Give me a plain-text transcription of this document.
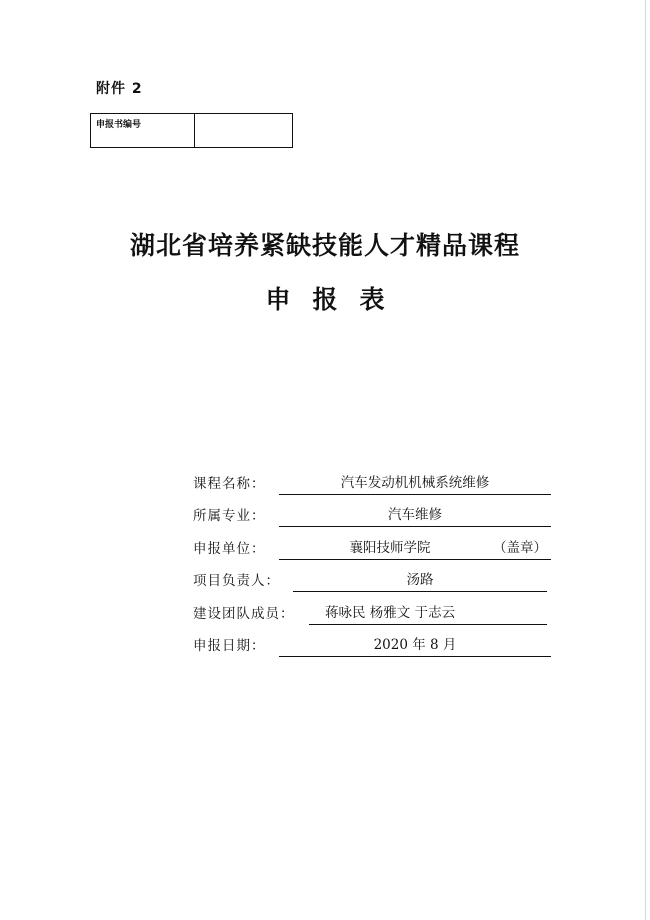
附件 2
申报书编号
湖北省培养紧缺技能人才精品课程
申报表
课程名称：	汽车发动机机械系统维修
所属专业：	汽车维修
申报单位：	襄阳技师学院	（盖章）
项目负责人：	汤路
建设团队成员：	蒋咏民 杨雅文 于志云
申报日期：	2020 年 8 月
